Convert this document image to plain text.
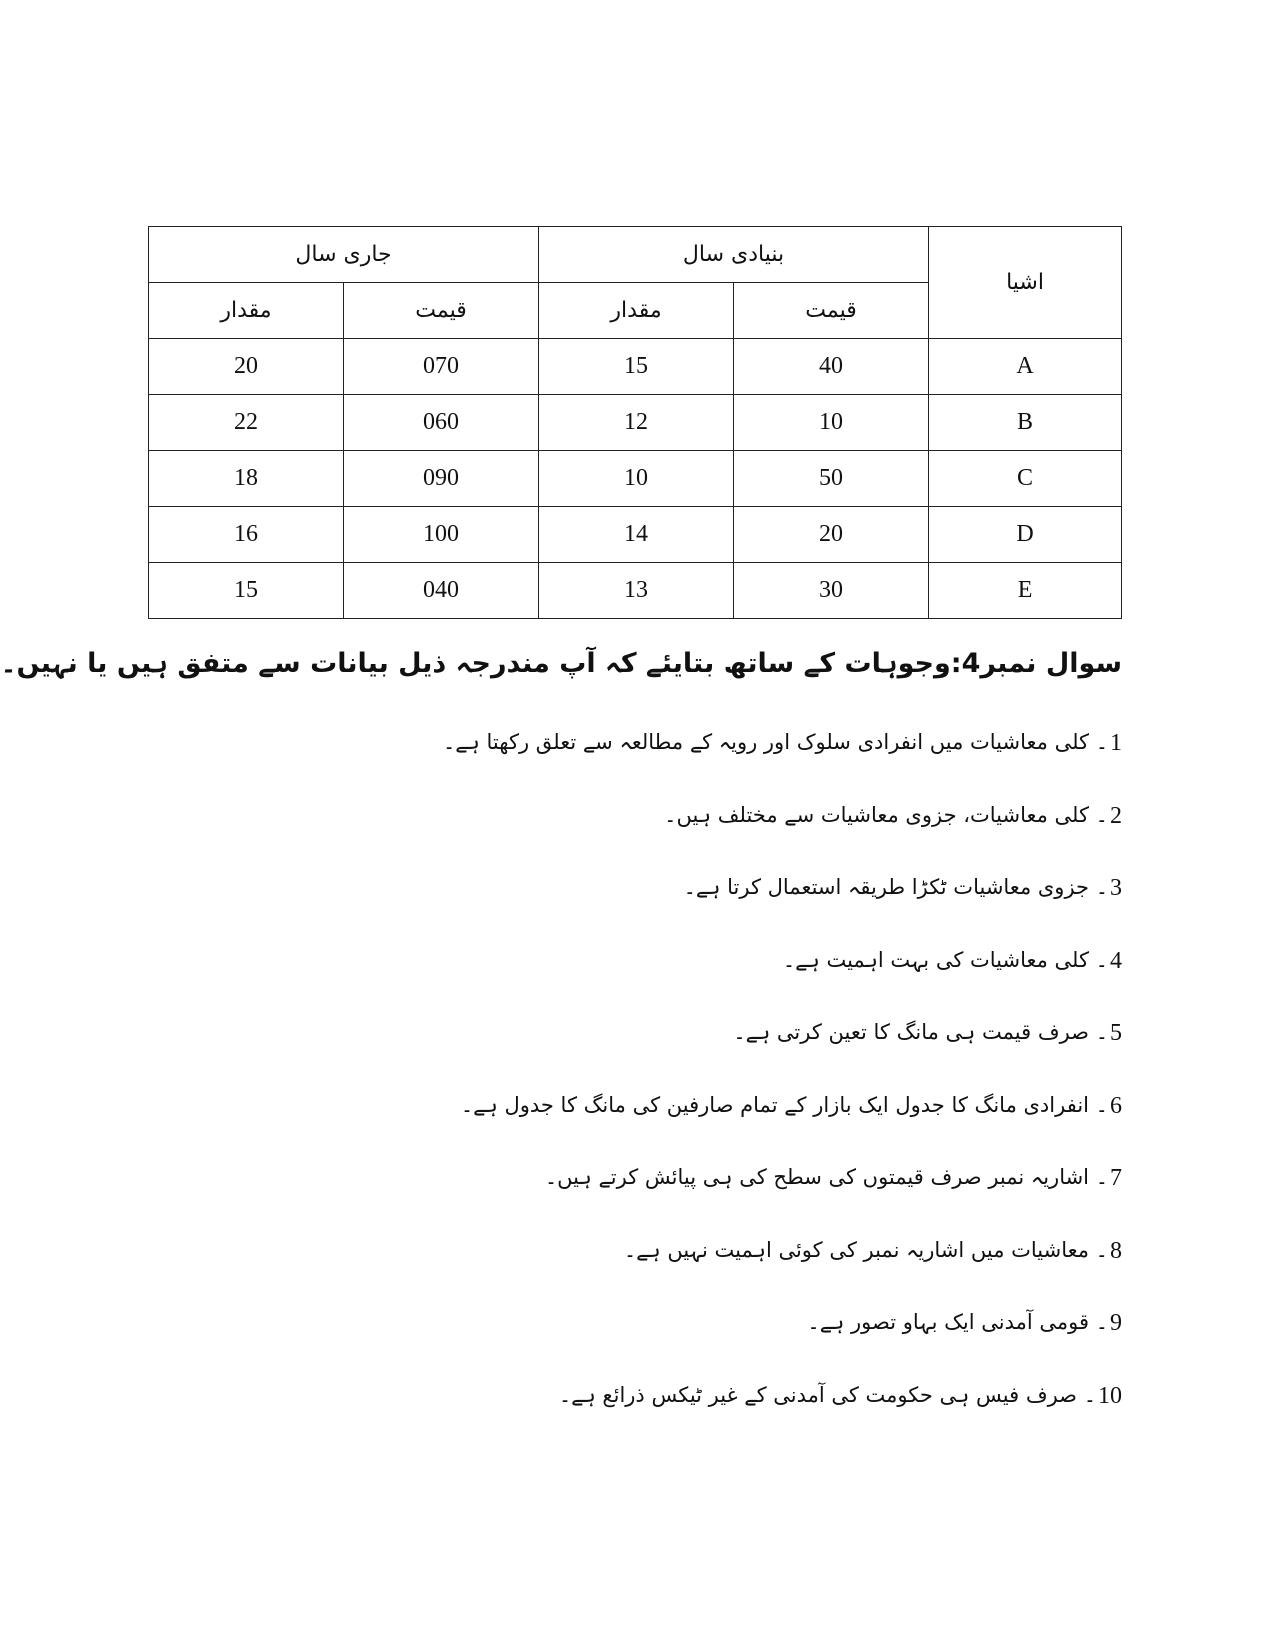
جاری سال		بنیادی سال		اشیا
مقدار	قیمت	مقدار	قیمت	
20	070	15	40	A
22	060	12	10	B
18	090	10	50	C
16	100	14	20	D
15	040	13	30	E
سوال نمبر4:وجوہات کے ساتھ بتایئے کہ آپ مندرجہ ذیل بیانات سے متفق ہیں یا نہیں۔
1
۔ کلی معاشیات میں انفرادی سلوک اور رویہ کے مطالعہ سے تعلق رکھتا ہے۔
2
۔ کلی معاشیات، جزوی معاشیات سے مختلف ہیں۔
3
۔ جزوی معاشیات ٹکڑا طریقہ استعمال کرتا ہے۔
4
۔ کلی معاشیات کی بہت اہمیت ہے۔
5
۔ صرف قیمت ہی مانگ کا تعین کرتی ہے۔
6
۔ انفرادی مانگ کا جدول ایک بازار کے تمام صارفین کی مانگ کا جدول ہے۔
7
۔ اشاریہ نمبر صرف قیمتوں کی سطح کی ہی پیائش کرتے ہیں۔
8
۔ معاشیات میں اشاریہ نمبر کی کوئی اہمیت نہیں ہے۔
9
۔ قومی آمدنی ایک بہاو تصور ہے۔
10
۔ صرف فیس ہی حکومت کی آمدنی کے غیر ٹیکس ذرائع ہے۔
